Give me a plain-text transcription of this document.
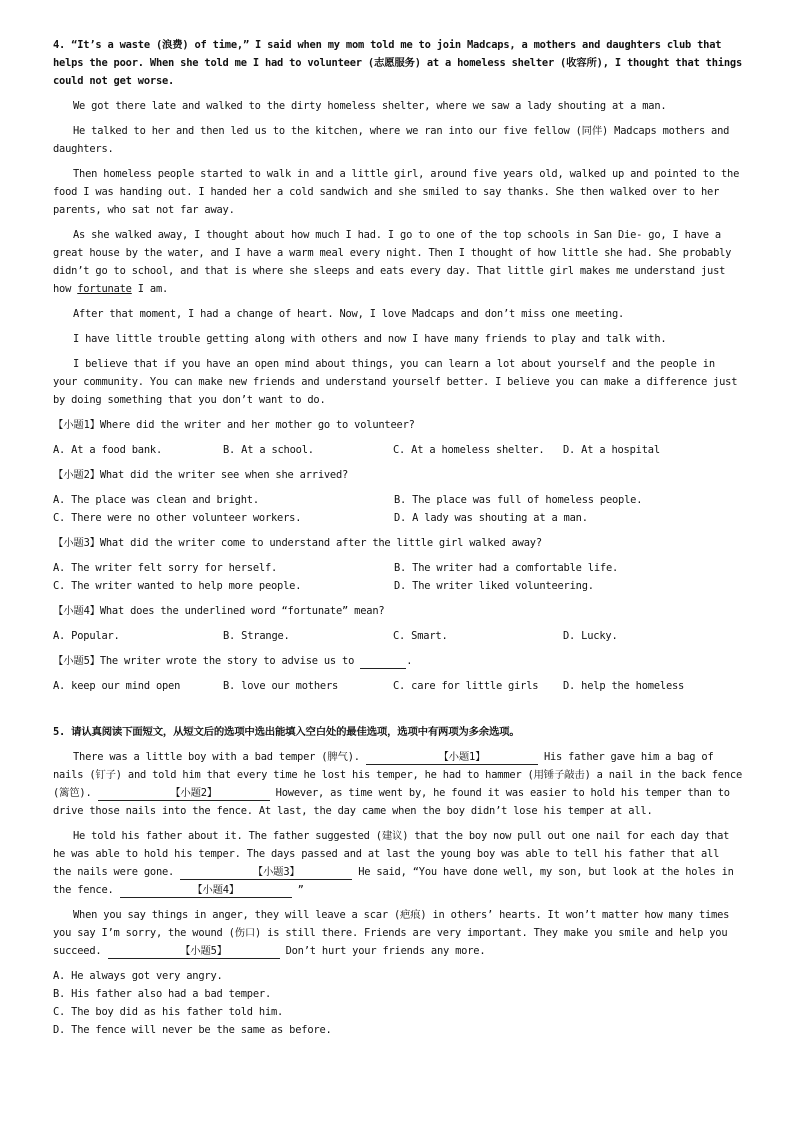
4. “It’s a waste (浪费) of time,” I said when my mom told me to join Madcaps, a mothers and daughters club that helps the poor. When she told me I had to volunteer (志愿服务) at a homeless shelter (收容所), I thought that things could not get worse.

We got there late and walked to the dirty homeless shelter, where we saw a lady shouting at a man.

He talked to her and then led us to the kitchen, where we ran into our five fellow (同伴) Madcaps mothers and daughters.

Then homeless people started to walk in and a little girl, around five years old, walked up and pointed to the food I was handing out. I handed her a cold sandwich and she smiled to say thanks. She then walked over to her parents, who sat not far away.

As she walked away, I thought about how much I had. I go to one of the top schools in San Die- go, I have a great house by the water, and I have a warm meal every night. Then I thought of how little she had. She probably didn’t go to school, and that is where she sleeps and eats every day. That little girl makes me understand just how fortunate I am.

After that moment, I had a change of heart. Now, I love Madcaps and don’t miss one meeting.

I have little trouble getting along with others and now I have many friends to play and talk with.

I believe that if you have an open mind about things, you can learn a lot about yourself and the people in your community. You can make new friends and understand yourself better. I believe you can make a difference just by doing something that you don’t want to do.

【小题1】Where did the writer and her mother go to volunteer?

A. At a food bank.	B. At a school.	C. At a homeless shelter.	D. At a hospital

【小题2】What did the writer see when she arrived?

A. The place was clean and bright.	B. The place was full of homeless people.
C. There were no other volunteer workers.	D. A lady was shouting at a man.

【小题3】What did the writer come to understand after the little girl walked away?

A. The writer felt sorry for herself.	B. The writer had a comfortable life.
C. The writer wanted to help more people.	D. The writer liked volunteering.

【小题4】What does the underlined word “fortunate” mean?

A. Popular.	B. Strange.	C. Smart.	D. Lucky.

【小题5】The writer wrote the story to advise us to	.

A. keep our mind open	B. love our mothers	C. care for little girls	D. help the homeless

5. 请认真阅读下面短文，从短文后的选项中选出能填入空白处的最佳选项，选项中有两项为多余选项。

There was a little boy with a bad temper (脾气).	【小题1】	His father gave him a bag of nails (钉子) and told him that every time he lost his temper, he had to hammer (用锤子敲击) a nail in the back fence (篱笆).	【小题2】	However, as time went by, he found it was easier to hold his temper than to drive those nails into the fence. At last, the day came when the boy didn’t lose his temper at all.

He told his father about it. The father suggested (建议) that the boy now pull out one nail for each day that he was able to hold his temper. The days passed and at last the young boy was able to tell his father that all the nails were gone.	【小题3】	He said, “You have done well, my son, but look at the holes in the fence.	【小题4】	”

When you say things in anger, they will leave a scar (疤痕) in others’ hearts. It won’t matter how many times you say I’m sorry, the wound (伤口) is still there. Friends are very important. They make you smile and help you succeed.	【小题5】	Don’t hurt your friends any more.

A. He always got very angry.

B. His father also had a bad temper.

C. The boy did as his father told him.

D. The fence will never be the same as before.
